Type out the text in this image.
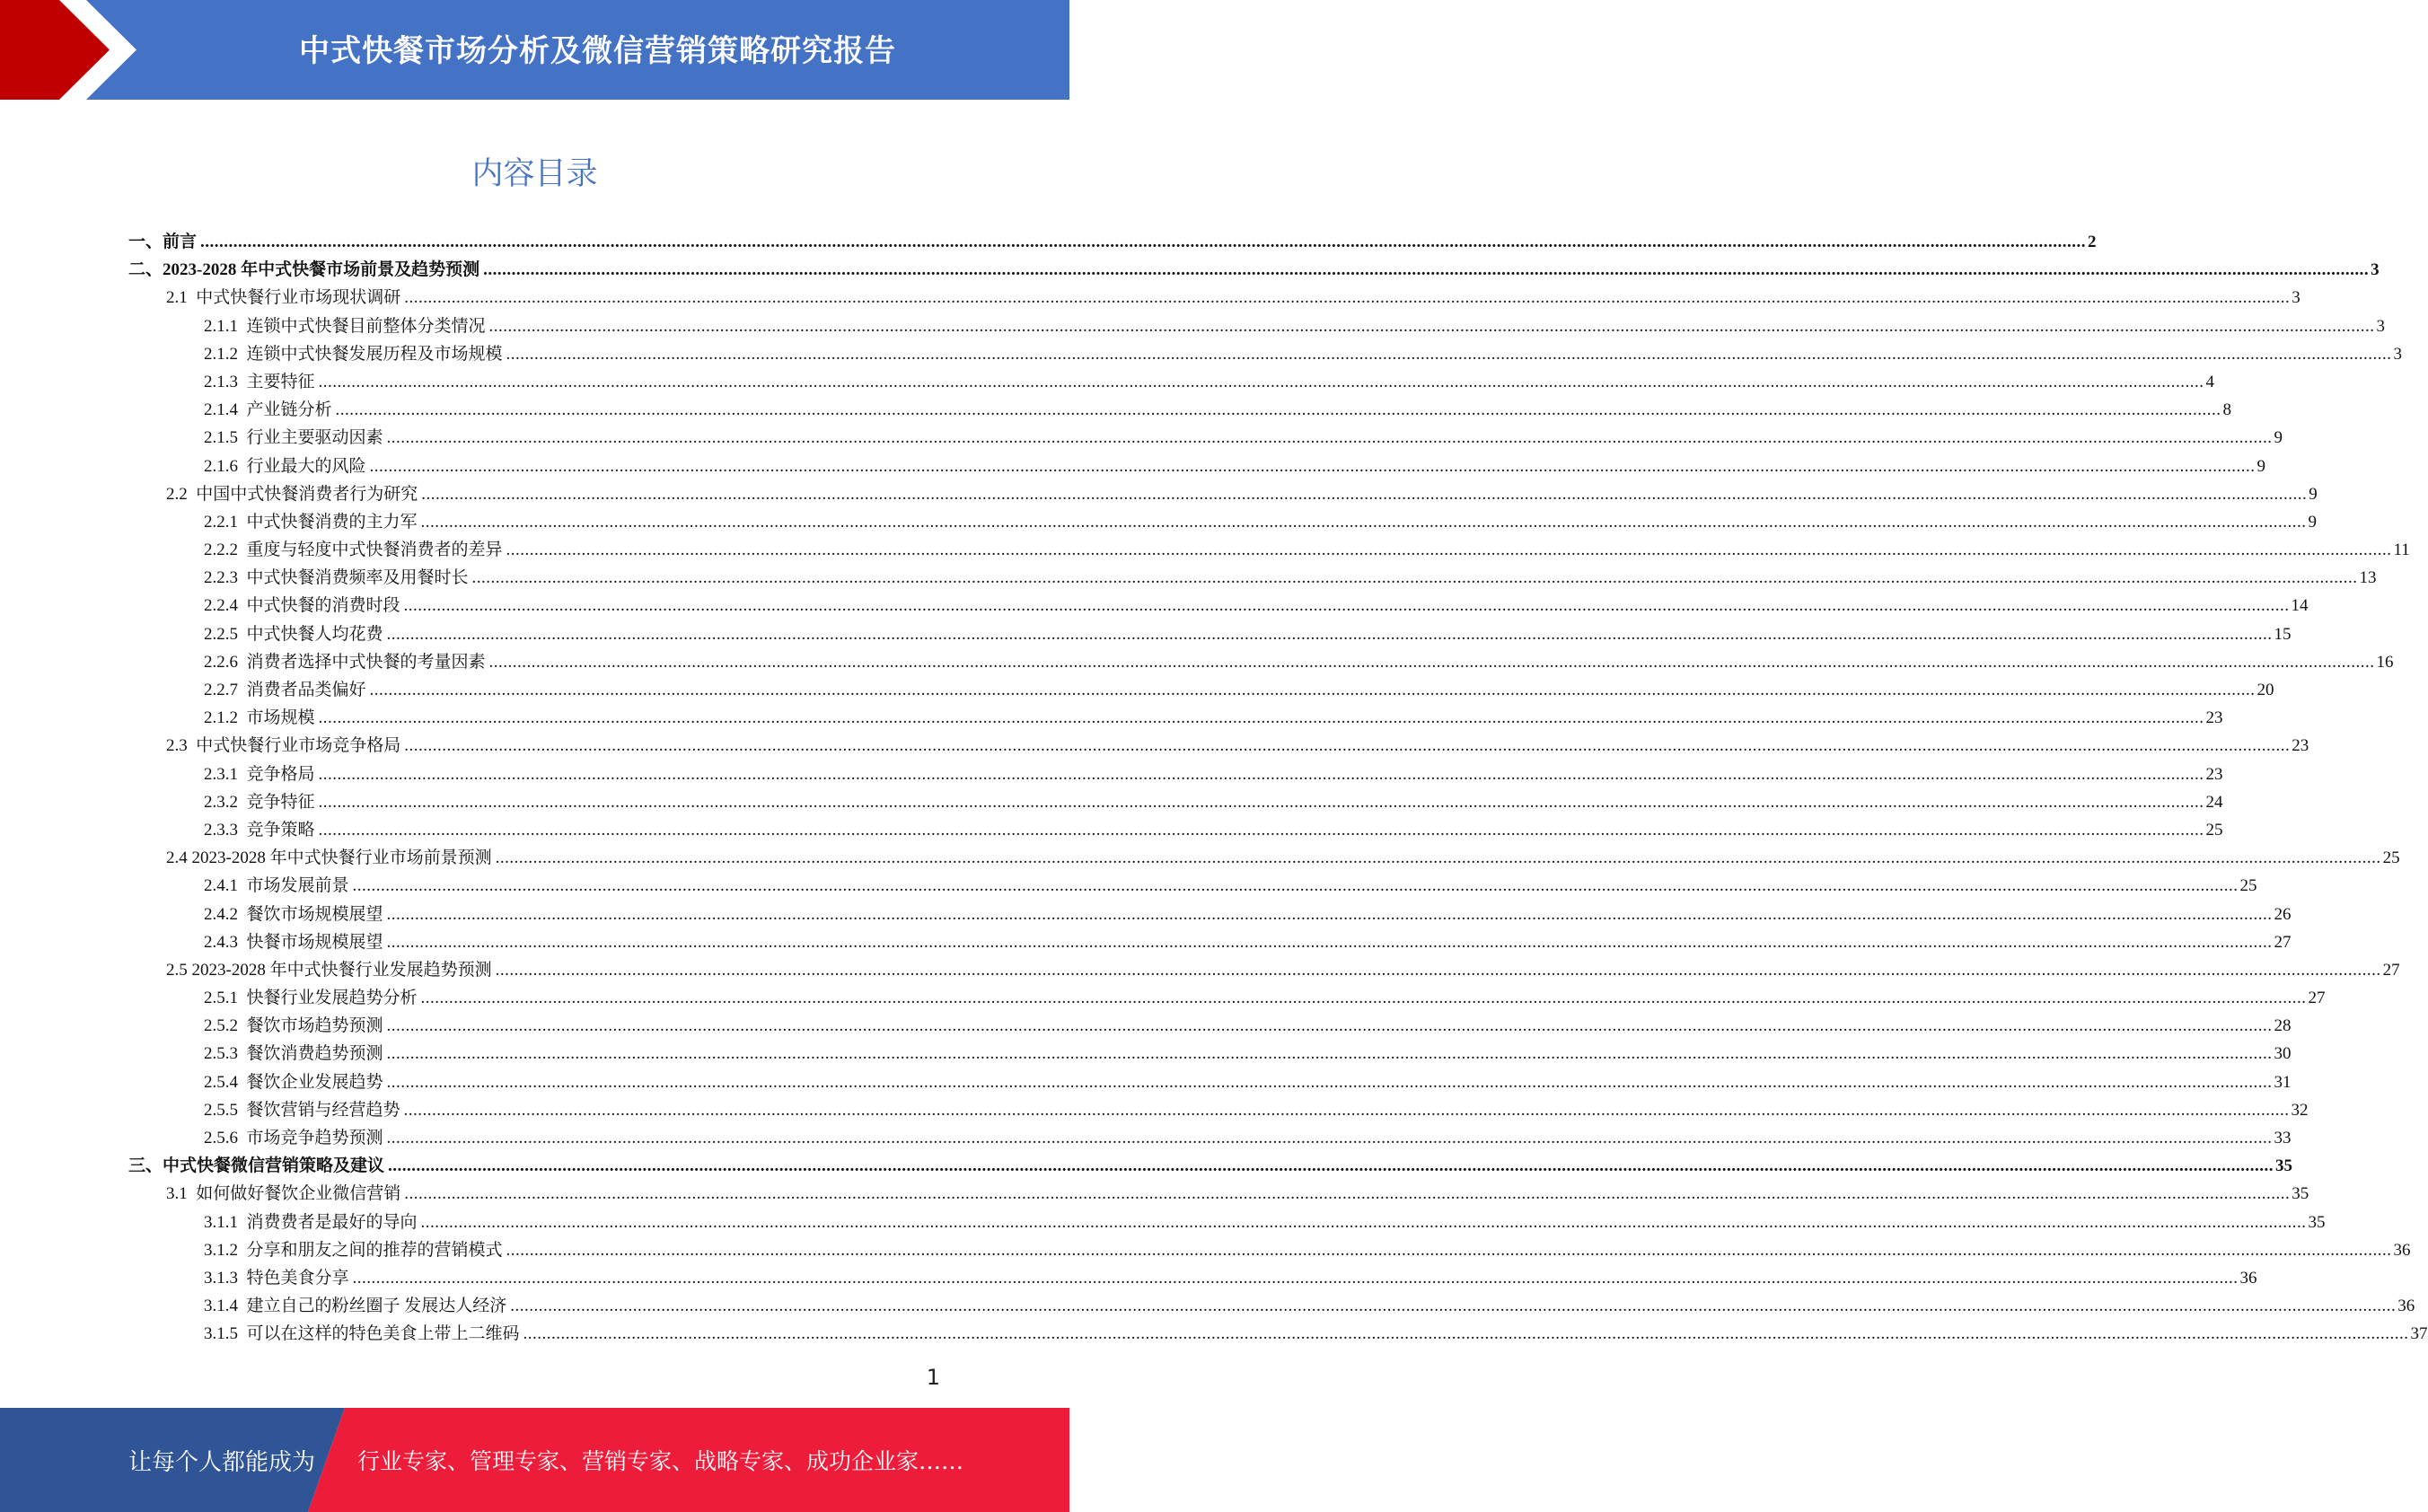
中式快餐市场分析及微信营销策略研究报告
内容目录
一、 前言 ................................................................................................................................................................................................................................................................................................................................................................................................................ 2
二、 2023-2028 年中式快餐市场前景及趋势预测 ................................................................................................................................................................................................................................................................................................................................................................................................................ 3
2.1 中式快餐行业市场现状调研 ................................................................................................................................................................................................................................................................................................................................................................................................................ 3
2.1.1 连锁中式快餐目前整体分类情况 ................................................................................................................................................................................................................................................................................................................................................................................................................ 3
2.1.2 连锁中式快餐发展历程及市场规模 ................................................................................................................................................................................................................................................................................................................................................................................................................ 3
2.1.3 主要特征 ................................................................................................................................................................................................................................................................................................................................................................................................................ 4
2.1.4 产业链分析 ................................................................................................................................................................................................................................................................................................................................................................................................................ 8
2.1.5 行业主要驱动因素 ................................................................................................................................................................................................................................................................................................................................................................................................................ 9
2.1.6 行业最大的风险 ................................................................................................................................................................................................................................................................................................................................................................................................................ 9
2.2 中国中式快餐消费者行为研究 ................................................................................................................................................................................................................................................................................................................................................................................................................ 9
2.2.1 中式快餐消费的主力军 ................................................................................................................................................................................................................................................................................................................................................................................................................ 9
2.2.2 重度与轻度中式快餐消费者的差异 ................................................................................................................................................................................................................................................................................................................................................................................................................ 11
2.2.3 中式快餐消费频率及用餐时长 ................................................................................................................................................................................................................................................................................................................................................................................................................ 13
2.2.4 中式快餐的消费时段 ................................................................................................................................................................................................................................................................................................................................................................................................................ 14
2.2.5 中式快餐人均花费 ................................................................................................................................................................................................................................................................................................................................................................................................................ 15
2.2.6 消费者选择中式快餐的考量因素 ................................................................................................................................................................................................................................................................................................................................................................................................................ 16
2.2.7 消费者品类偏好 ................................................................................................................................................................................................................................................................................................................................................................................................................ 20
2.1.2 市场规模 ................................................................................................................................................................................................................................................................................................................................................................................................................ 23
2.3 中式快餐行业市场竞争格局 ................................................................................................................................................................................................................................................................................................................................................................................................................ 23
2.3.1 竞争格局 ................................................................................................................................................................................................................................................................................................................................................................................................................ 23
2.3.2 竞争特征 ................................................................................................................................................................................................................................................................................................................................................................................................................ 24
2.3.3 竞争策略 ................................................................................................................................................................................................................................................................................................................................................................................................................ 25
2.4 2023-2028 年中式快餐行业市场前景预测 ................................................................................................................................................................................................................................................................................................................................................................................................................ 25
2.4.1 市场发展前景 ................................................................................................................................................................................................................................................................................................................................................................................................................ 25
2.4.2 餐饮市场规模展望 ................................................................................................................................................................................................................................................................................................................................................................................................................ 26
2.4.3 快餐市场规模展望 ................................................................................................................................................................................................................................................................................................................................................................................................................ 27
2.5 2023-2028 年中式快餐行业发展趋势预测 ................................................................................................................................................................................................................................................................................................................................................................................................................ 27
2.5.1 快餐行业发展趋势分析 ................................................................................................................................................................................................................................................................................................................................................................................................................ 27
2.5.2 餐饮市场趋势预测 ................................................................................................................................................................................................................................................................................................................................................................................................................ 28
2.5.3 餐饮消费趋势预测 ................................................................................................................................................................................................................................................................................................................................................................................................................ 30
2.5.4 餐饮企业发展趋势 ................................................................................................................................................................................................................................................................................................................................................................................................................ 31
2.5.5 餐饮营销与经营趋势 ................................................................................................................................................................................................................................................................................................................................................................................................................ 32
2.5.6 市场竞争趋势预测 ................................................................................................................................................................................................................................................................................................................................................................................................................ 33
三、 中式快餐微信营销策略及建议 ................................................................................................................................................................................................................................................................................................................................................................................................................ 35
3.1 如何做好餐饮企业微信营销 ................................................................................................................................................................................................................................................................................................................................................................................................................ 35
3.1.1 消费费者是最好的导向 ................................................................................................................................................................................................................................................................................................................................................................................................................ 35
3.1.2 分享和朋友之间的推荐的营销模式 ................................................................................................................................................................................................................................................................................................................................................................................................................ 36
3.1.3 特色美食分享 ................................................................................................................................................................................................................................................................................................................................................................................................................ 36
3.1.4 建立自己的粉丝圈子 发展达人经济 ................................................................................................................................................................................................................................................................................................................................................................................................................ 36
3.1.5 可以在这样的特色美食上带上二维码 ................................................................................................................................................................................................................................................................................................................................................................................................................ 37
1
让每个人都能成为 行业专家、管理专家、营销专家、战略专家、成功企业家……
